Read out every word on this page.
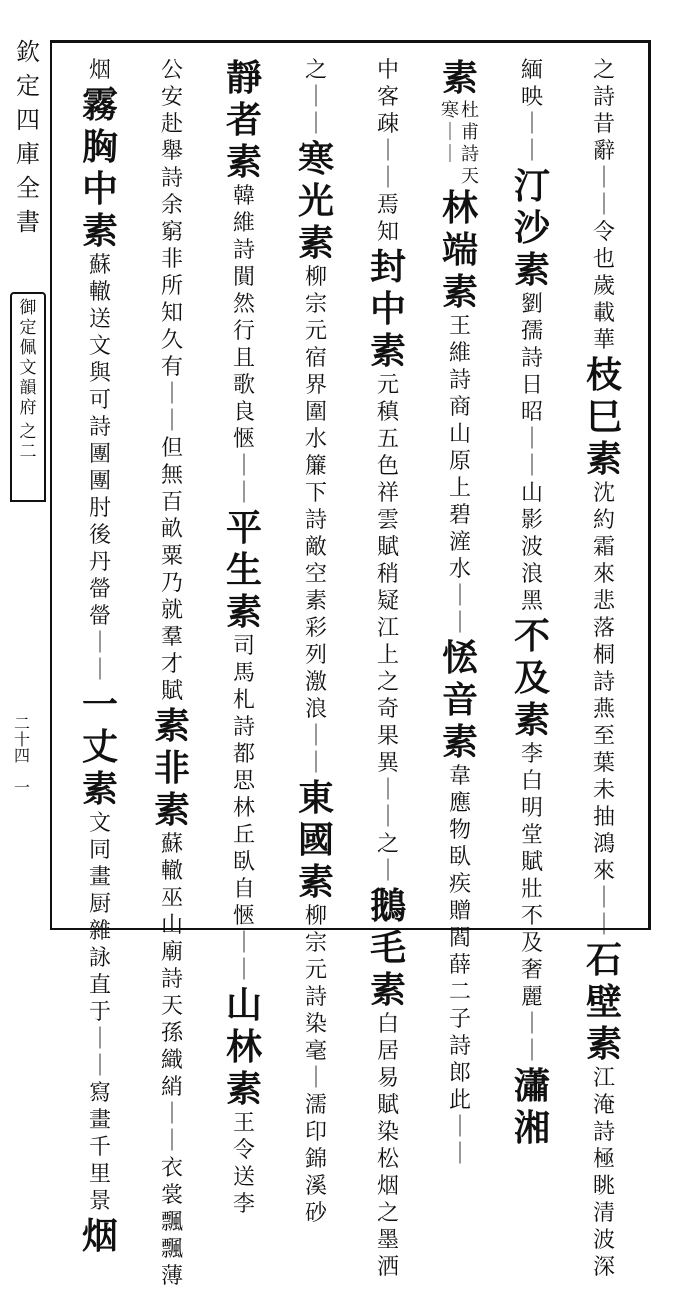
欽
定
四
庫
全
書
御
定
佩
文
韻
府
之
二
二
十
四
一
之
詩
昔
辭
｜
｜
令
也
歲
載
華
枝
巳
素
沈
約
霜
來
悲
落
桐
詩
燕
至
葉
未
抽
鴻
來
｜
｜
石
壁
素
江
淹
詩
極
眺
清
波
深
緬
映
｜
｜
汀
沙
素
劉
孺
詩
日
昭
｜
｜
山
影
波
浪
黑
不
及
素
李
白
明
堂
賦
壯
不
及
奢
麗
｜
｜
瀟
湘
素
寒
｜
｜
杜
甫
詩
天
林
端
素
王
維
詩
商
山
原
上
碧
滻
水
｜
｜
恡
音
素
韋
應
物
臥
疾
贈
閻
薛
二
子
詩
郎
此
｜
｜
中
客
疎
｜
｜
焉
知
封
中
素
元
稹
五
色
祥
雲
賦
稍
疑
江
上
之
奇
果
異
｜
｜
之
｜
鵝
毛
素
白
居
易
賦
染
松
烟
之
墨
洒
之
｜
｜
寒
光
素
柳
宗
元
宿
界
圍
水
簾
下
詩
敵
空
素
彩
列
激
浪
｜
｜
東
國
素
柳
宗
元
詩
染
毫
｜
濡
印
錦
溪
砂
靜
者
素
韓
維
詩
閴
然
行
且
歌
良
愜
｜
｜
平
生
素
司
馬
札
詩
都
思
林
丘
臥
自
愜
｜
｜
山
林
素
王
令
送
李
公
安
赴
舉
詩
余
窮
非
所
知
久
有
｜
｜
但
無
百
畝
粟
乃
就
羣
才
賦
素
非
素
蘇
轍
巫
山
廟
詩
天
孫
織
綃
｜
｜
衣
裳
飄
飄
薄
烟
霧
胸
中
素
蘇
轍
送
文
與
可
詩
團
團
肘
後
丹
㽦
㽦
｜
｜
一
丈
素
文
同
畫
厨
雜
詠
直
于
｜
｜
寫
畫
千
里
景
烟
